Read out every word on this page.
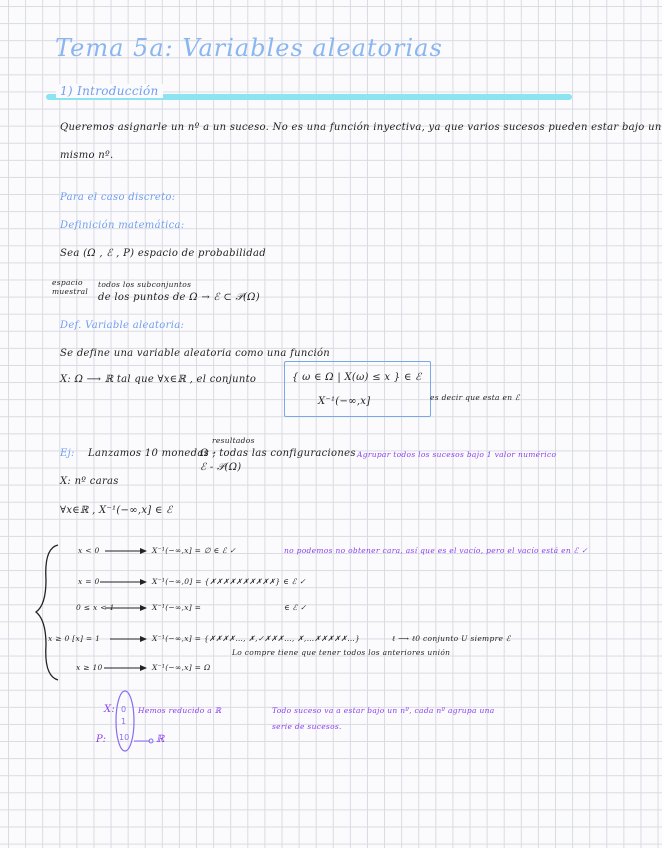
Tema 5a: Variables aleatorias
1) Introducción
Queremos asignarle un nº a un suceso. No es una función inyectiva, ya que varios sucesos pueden estar bajo un
mismo nº.
Para el caso discreto:
Definición matemática:
Sea (Ω , ℰ , P) espacio de probabilidad
espacio muestral
todos los subconjuntos
de los puntos de Ω → ℰ ⊂ 𝒫(Ω)
Def. Variable aleatoria:
Se define una variable aleatoria como una función
X: Ω ⟶ ℝ tal que ∀x∈ℝ , el conjunto	{ ω ∈ Ω | X(ω) ≤ x } ∈ ℰ
X⁻¹(−∞,x]	es decir que esta en ℰ
Ej: Lanzamos 10 monedas ;
resultados
Ω - todas las configuraciones
ℰ - 𝒫(Ω)
Agrupar todos los sucesos bajo 1 valor numérico
X: nº caras
∀x∈ℝ , X⁻¹(−∞,x] ∈ ℰ
x < 0	X⁻¹(−∞,x] = ∅ ∈ ℰ ✓	no podemos no obtener cara, así que es el vacío, pero el vacío está en ℰ ✓
x = 0	X⁻¹(−∞,0] = {✗✗✗✗✗✗✗✗✗✗} ∈ ℰ ✓
0 ≤ x < 1	X⁻¹(−∞,x] =	∈ ℰ ✓
x ≥ 0 [x] = 1	X⁻¹(−∞,x] = {✗✗✗✗…, ✗,✓✗✗✗…, ✗,…✗✗✗✗✗…}	ℓ ⟶ ℓ0 conjunto U siempre ℰ
Lo compre tiene que tener todos los anteriores unión
x ≥ 10	X⁻¹(−∞,x] = Ω
0
1
10
X:	Hemos reducido a ℝ
P:	ℝ
Todo suceso va a estar bajo un nº, cada nº agrupa una
serie de sucesos.
